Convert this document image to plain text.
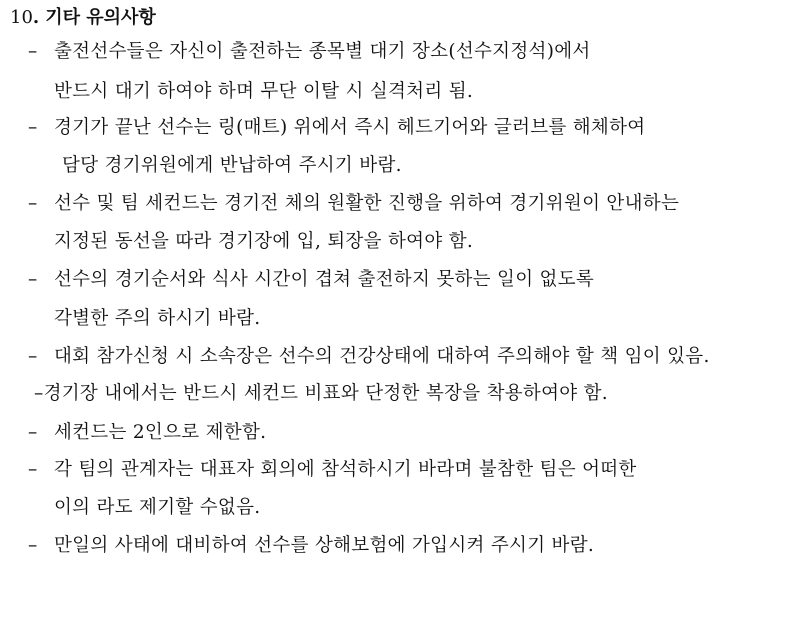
10. 기타 유의사항
– 출전선수들은 자신이 출전하는 종목별 대기 장소(선수지정석)에서
반드시 대기 하여야 하며 무단 이탈 시 실격처리 됨.
– 경기가 끝난 선수는 링(매트) 위에서 즉시 헤드기어와 글러브를 해체하여
담당 경기위원에게 반납하여 주시기 바람.
– 선수 및 팀 세컨드는 경기전 체의 원활한 진행을 위하여 경기위원이 안내하는
지정된 동선을 따라 경기장에 입, 퇴장을 하여야 함.
– 선수의 경기순서와 식사 시간이 겹쳐 출전하지 못하는 일이 없도록
각별한 주의 하시기 바람.
– 대회 참가신청 시 소속장은 선수의 건강상태에 대하여 주의해야 할 책 임이 있음.
–경기장 내에서는 반드시 세컨드 비표와 단정한 복장을 착용하여야 함.
– 세컨드는 2인으로 제한함.
– 각 팀의 관계자는 대표자 회의에 참석하시기 바라며 불참한 팀은 어떠한
이의 라도 제기할 수없음.
– 만일의 사태에 대비하여 선수를 상해보험에 가입시켜 주시기 바람.
